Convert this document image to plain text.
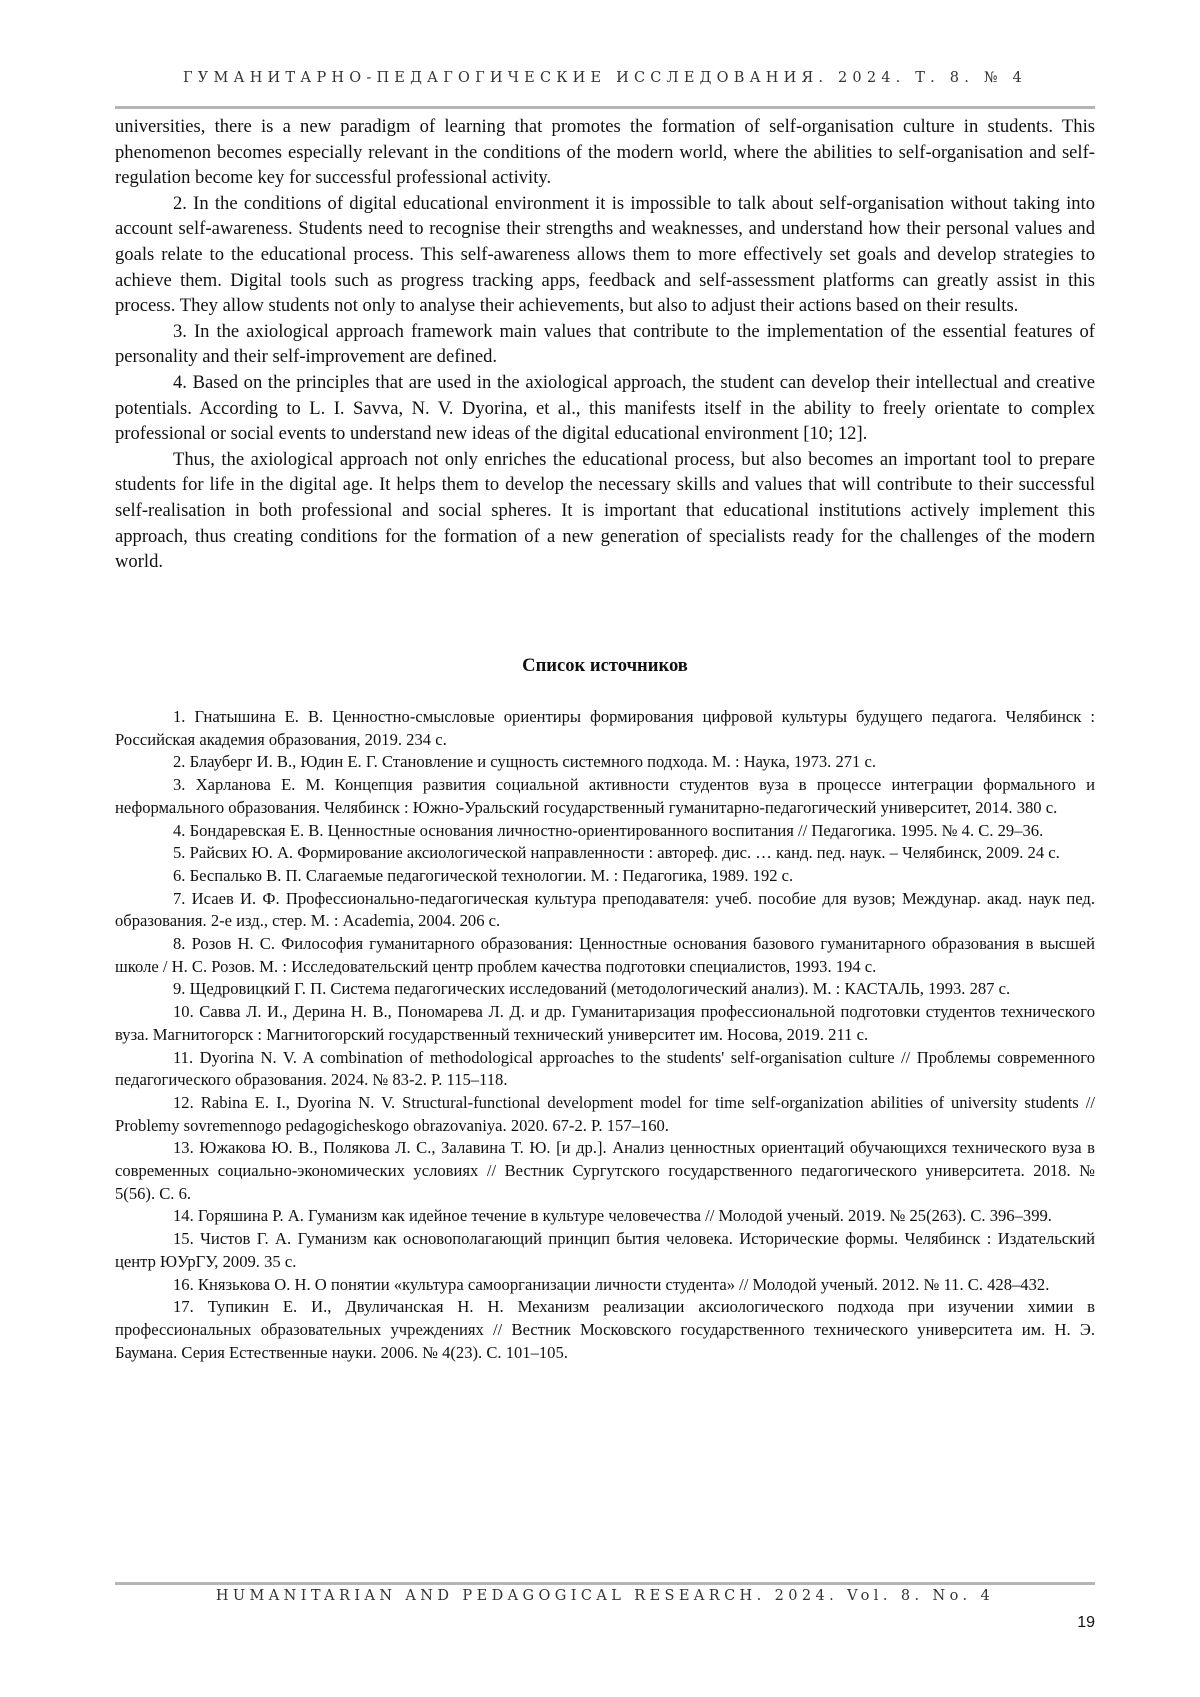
ГУМАНИТАРНО-ПЕДАГОГИЧЕСКИЕ ИССЛЕДОВАНИЯ. 2024. Т. 8. № 4

universities, there is a new paradigm of learning that promotes the formation of self-organisation culture in students. This phenomenon becomes especially relevant in the conditions of the modern world, where the abilities to self-organisation and self-regulation become key for successful professional activity.

2. In the conditions of digital educational environment it is impossible to talk about self-organisation without taking into account self-awareness. Students need to recognise their strengths and weaknesses, and understand how their personal values and goals relate to the educational process. This self-awareness allows them to more effectively set goals and develop strategies to achieve them. Digital tools such as progress tracking apps, feedback and self-assessment platforms can greatly assist in this process. They allow students not only to analyse their achievements, but also to adjust their actions based on their results.

3. In the axiological approach framework main values that contribute to the implementation of the essential features of personality and their self-improvement are defined.

4. Based on the principles that are used in the axiological approach, the student can develop their intellectual and creative potentials. According to L. I. Savva, N. V. Dyorina, et al., this manifests itself in the ability to freely orientate to complex professional or social events to understand new ideas of the digital educational environment [10; 12].

Thus, the axiological approach not only enriches the educational process, but also becomes an important tool to prepare students for life in the digital age. It helps them to develop the necessary skills and values that will contribute to their successful self-realisation in both professional and social spheres. It is important that educational institutions actively implement this approach, thus creating conditions for the formation of a new generation of specialists ready for the challenges of the modern world.

Список источников

1. Гнатышина Е. В. Ценностно-смысловые ориентиры формирования цифровой культуры будущего педагога. Челябинск : Российская академия образования, 2019. 234 с.

2. Блауберг И. В., Юдин Е. Г. Становление и сущность системного подхода. М. : Наука, 1973. 271 с.

3. Харланова Е. М. Концепция развития социальной активности студентов вуза в процессе интеграции формального и неформального образования. Челябинск : Южно-Уральский государственный гуманитарно-педагогический университет, 2014. 380 с.

4. Бондаревская Е. В. Ценностные основания личностно-ориентированного воспитания // Педагогика. 1995. № 4. С. 29–36.

5. Райсвих Ю. А. Формирование аксиологической направленности : автореф. дис. … канд. пед. наук. – Челябинск, 2009. 24 с.

6. Беспалько В. П. Слагаемые педагогической технологии. М. : Педагогика, 1989. 192 с.

7. Исаев И. Ф. Профессионально-педагогическая культура преподавателя: учеб. пособие для вузов; Междунар. акад. наук пед. образования. 2-е изд., стер. М. : Academia, 2004. 206 с.

8. Розов Н. С. Философия гуманитарного образования: Ценностные основания базового гуманитарного образования в высшей школе / Н. С. Розов. М. : Исследовательский центр проблем качества подготовки специалистов, 1993. 194 с.

9. Щедровицкий Г. П. Система педагогических исследований (методологический анализ). М. : КАСТАЛЬ, 1993. 287 с.

10. Савва Л. И., Дерина Н. В., Пономарева Л. Д. и др. Гуманитаризация профессиональной подготовки студентов технического вуза. Магнитогорск : Магнитогорский государственный технический университет им. Носова, 2019. 211 с.

11. Dyorina N. V. A combination of methodological approaches to the students' self-organisation culture // Проблемы современного педагогического образования. 2024. № 83-2. Р. 115–118.

12. Rabina E. I., Dyorina N. V. Structural-functional development model for time self-organization abilities of university students // Problemy sovremennogo pedagogicheskogo obrazovaniya. 2020. 67-2. P. 157–160.

13. Южакова Ю. В., Полякова Л. С., Залавина Т. Ю. [и др.]. Анализ ценностных ориентаций обучающихся технического вуза в современных социально-экономических условиях // Вестник Сургутского государственного педагогического университета. 2018. № 5(56). С. 6.

14. Горяшина Р. А. Гуманизм как идейное течение в культуре человечества // Молодой ученый. 2019. № 25(263). С. 396–399.

15. Чистов Г. А. Гуманизм как основополагающий принцип бытия человека. Исторические формы. Челябинск : Издательский центр ЮУрГУ, 2009. 35 с.

16. Князькова О. Н. О понятии «культура самоорганизации личности студента» // Молодой ученый. 2012. № 11. С. 428–432.

17. Тупикин Е. И., Двуличанская Н. Н. Механизм реализации аксиологического подхода при изучении химии в профессиональных образовательных учреждениях // Вестник Московского государственного технического университета им. Н. Э. Баумана. Серия Естественные науки. 2006. № 4(23). С. 101–105.

HUMANITARIAN AND PEDAGOGICAL RESEARCH. 2024. Vol. 8. No. 4
19
